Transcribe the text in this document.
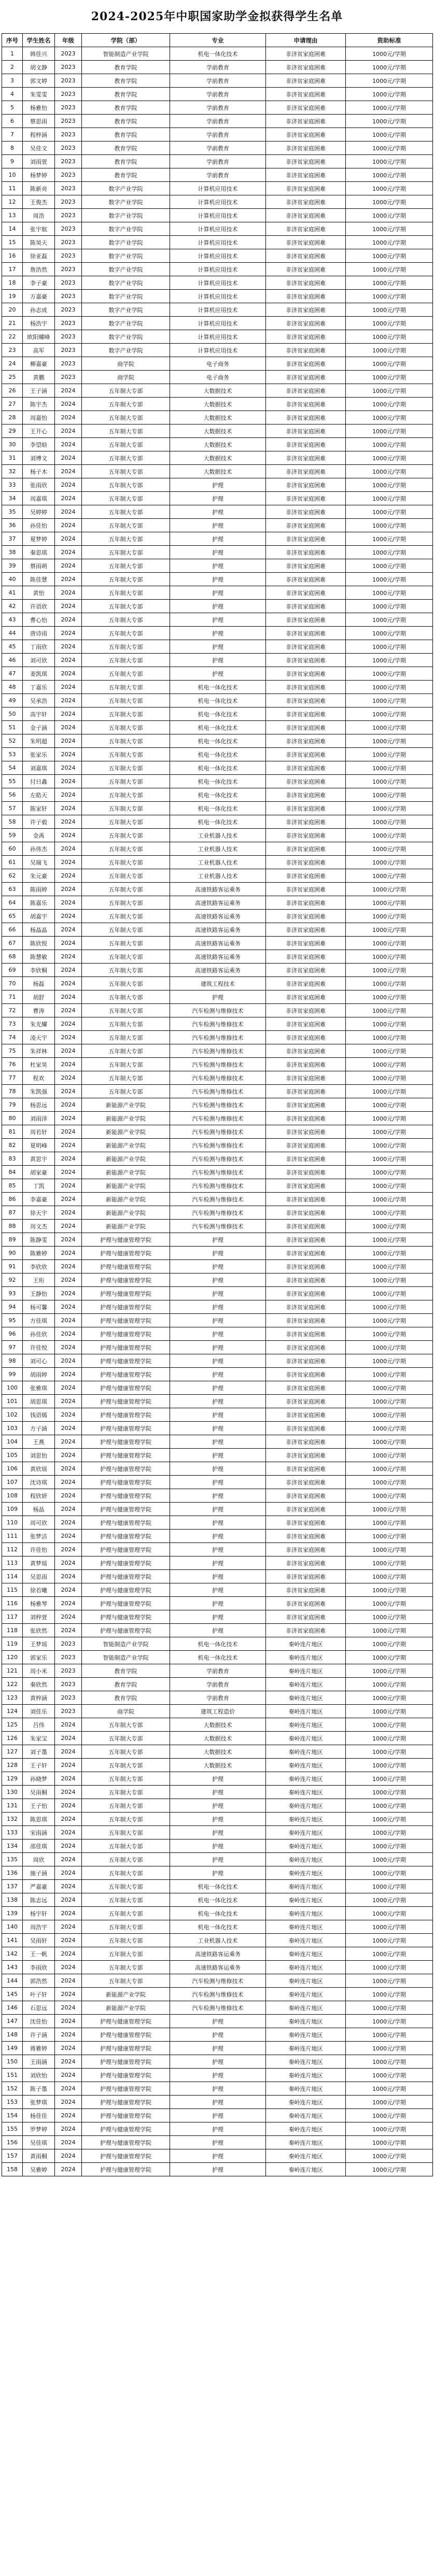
2024-2025年中职国家助学金拟获得学生名单
序号	学生姓名	年级	学院（部）	专业	申请理由	资助标准
1	韩佳兴	2023	智能制造产业学院	机电一体化技术	非济贫家庭困难	1000元/学期
2	胡文静	2023	教育学院	学前教育	非济贫家庭困难	1000元/学期
3	郭文婷	2023	教育学院	学前教育	非济贫家庭困难	1000元/学期
4	朱雯雯	2023	教育学院	学前教育	非济贫家庭困难	1000元/学期
5	杨雅怡	2023	教育学院	学前教育	非济贫家庭困难	1000元/学期
6	蔡思雨	2023	教育学院	学前教育	非济贫家庭困难	1000元/学期
7	程梓涵	2023	教育学院	学前教育	非济贫家庭困难	1000元/学期
8	吴佳文	2023	教育学院	学前教育	非济贫家庭困难	1000元/学期
9	刘雨萱	2023	教育学院	学前教育	非济贫家庭困难	1000元/学期
10	杨梦婷	2023	教育学院	学前教育	非济贫家庭困难	1000元/学期
11	陈新亮	2023	数字产业学院	计算机应用技术	非济贫家庭困难	1000元/学期
12	王俊杰	2023	数字产业学院	计算机应用技术	非济贫家庭困难	1000元/学期
13	周浩	2023	数字产业学院	计算机应用技术	非济贫家庭困难	1000元/学期
14	张宇航	2023	数字产业学院	计算机应用技术	非济贫家庭困难	1000元/学期
15	陈昊天	2023	数字产业学院	计算机应用技术	非济贫家庭困难	1000元/学期
16	徐亚磊	2023	数字产业学院	计算机应用技术	非济贫家庭困难	1000元/学期
17	詹浩然	2023	数字产业学院	计算机应用技术	非济贫家庭困难	1000元/学期
18	李子豪	2023	数字产业学院	计算机应用技术	非济贫家庭困难	1000元/学期
19	万嘉豪	2023	数字产业学院	计算机应用技术	非济贫家庭困难	1000元/学期
20	孙志成	2023	数字产业学院	计算机应用技术	非济贫家庭困难	1000元/学期
21	杨浩宇	2023	数字产业学院	计算机应用技术	非济贫家庭困难	1000元/学期
22	欧阳耀峰	2023	数字产业学院	计算机应用技术	非济贫家庭困难	1000元/学期
23	高军	2023	数字产业学院	计算机应用技术	非济贫家庭困难	1000元/学期
24	柳嘉豪	2023	商学院	电子商务	非济贫家庭困难	1000元/学期
25	黄鹏	2023	商学院	电子商务	非济贫家庭困难	1000元/学期
26	王子涵	2024	五年制大专部	大数据技术	非济贫家庭困难	1000元/学期
27	陈宇杰	2024	五年制大专部	大数据技术	非济贫家庭困难	1000元/学期
28	周嘉怡	2024	五年制大专部	大数据技术	非济贫家庭困难	1000元/学期
29	王开心	2024	五年制大专部	大数据技术	非济贫家庭困难	1000元/学期
30	李望晗	2024	五年制大专部	大数据技术	非济贫家庭困难	1000元/学期
31	刘博文	2024	五年制大专部	大数据技术	非济贫家庭困难	1000元/学期
32	杨子木	2024	五年制大专部	大数据技术	非济贫家庭困难	1000元/学期
33	张雨欣	2024	五年制大专部	护理	非济贫家庭困难	1000元/学期
34	周嘉琪	2024	五年制大专部	护理	非济贫家庭困难	1000元/学期
35	吴婷婷	2024	五年制大专部	护理	非济贫家庭困难	1000元/学期
36	孙佳怡	2024	五年制大专部	护理	非济贫家庭困难	1000元/学期
37	夏梦婷	2024	五年制大专部	护理	非济贫家庭困难	1000元/学期
38	秦思琪	2024	五年制大专部	护理	非济贫家庭困难	1000元/学期
39	蔡雨萌	2024	五年制大专部	护理	非济贫家庭困难	1000元/学期
40	陈佳慧	2024	五年制大专部	护理	非济贫家庭困难	1000元/学期
41	黄怡	2024	五年制大专部	护理	非济贫家庭困难	1000元/学期
42	许语欣	2024	五年制大专部	护理	非济贫家庭困难	1000元/学期
43	曹心怡	2024	五年制大专部	护理	非济贫家庭困难	1000元/学期
44	唐诗雨	2024	五年制大专部	护理	非济贫家庭困难	1000元/学期
45	丁雨欣	2024	五年制大专部	护理	非济贫家庭困难	1000元/学期
46	刘可欣	2024	五年制大专部	护理	非济贫家庭困难	1000元/学期
47	姜凯琪	2024	五年制大专部	护理	非济贫家庭困难	1000元/学期
48	丁嘉乐	2024	五年制大专部	机电一体化技术	非济贫家庭困难	1000元/学期
49	吴承浩	2024	五年制大专部	机电一体化技术	非济贫家庭困难	1000元/学期
50	高宇轩	2024	五年制大专部	机电一体化技术	非济贫家庭困难	1000元/学期
51	金子涵	2024	五年制大专部	机电一体化技术	非济贫家庭困难	1000元/学期
52	朱明超	2024	五年制大专部	机电一体化技术	非济贫家庭困难	1000元/学期
53	张家乐	2024	五年制大专部	机电一体化技术	非济贫家庭困难	1000元/学期
54	刘嘉琪	2024	五年制大专部	机电一体化技术	非济贫家庭困难	1000元/学期
55	付日鑫	2024	五年制大专部	机电一体化技术	非济贫家庭困难	1000元/学期
56	左皓天	2024	五年制大专部	机电一体化技术	非济贫家庭困难	1000元/学期
57	陈家轩	2024	五年制大专部	机电一体化技术	非济贫家庭困难	1000元/学期
58	许子毅	2024	五年制大专部	机电一体化技术	非济贫家庭困难	1000元/学期
59	金禹	2024	五年制大专部	工业机器人技术	非济贫家庭困难	1000元/学期
60	孙伟杰	2024	五年制大专部	工业机器人技术	非济贫家庭困难	1000元/学期
61	吴瑞飞	2024	五年制大专部	工业机器人技术	非济贫家庭困难	1000元/学期
62	朱元豪	2024	五年制大专部	工业机器人技术	非济贫家庭困难	1000元/学期
63	陈雨婷	2024	五年制大专部	高速铁路客运乘务	非济贫家庭困难	1000元/学期
64	陈嘉乐	2024	五年制大专部	高速铁路客运乘务	非济贫家庭困难	1000元/学期
65	胡嘉宇	2024	五年制大专部	高速铁路客运乘务	非济贫家庭困难	1000元/学期
66	杨晶晶	2024	五年制大专部	高速铁路客运乘务	非济贫家庭困难	1000元/学期
67	陈欣悦	2024	五年制大专部	高速铁路客运乘务	非济贫家庭困难	1000元/学期
68	陈慧敏	2024	五年制大专部	高速铁路客运乘务	非济贫家庭困难	1000元/学期
69	李欣桐	2024	五年制大专部	高速铁路客运乘务	非济贫家庭困难	1000元/学期
70	杨磊	2024	五年制大专部	建筑工程技术	非济贫家庭困难	1000元/学期
71	胡舒	2024	五年制大专部	护理	非济贫家庭困难	1000元/学期
72	曹涛	2024	五年制大专部	汽车检测与维修技术	非济贫家庭困难	1000元/学期
73	朱光耀	2024	五年制大专部	汽车检测与维修技术	非济贫家庭困难	1000元/学期
74	凌天宇	2024	五年制大专部	汽车检测与维修技术	非济贫家庭困难	1000元/学期
75	朱祥林	2024	五年制大专部	汽车检测与维修技术	非济贫家庭困难	1000元/学期
76	杜家昊	2024	五年制大专部	汽车检测与维修技术	非济贫家庭困难	1000元/学期
77	程欢	2024	五年制大专部	汽车检测与维修技术	非济贫家庭困难	1000元/学期
78	朱凯强	2024	五年制大专部	汽车检测与维修技术	非济贫家庭困难	1000元/学期
79	杨思远	2024	新能源产业学院	汽车检测与维修技术	非济贫家庭困难	1000元/学期
80	刘雨泽	2024	新能源产业学院	汽车检测与维修技术	非济贫家庭困难	1000元/学期
81	周若轩	2024	新能源产业学院	汽车检测与维修技术	非济贫家庭困难	1000元/学期
82	夏明峰	2024	新能源产业学院	汽车检测与维修技术	非济贫家庭困难	1000元/学期
83	黄思宇	2024	新能源产业学院	汽车检测与维修技术	非济贫家庭困难	1000元/学期
84	胡家豪	2024	新能源产业学院	汽车检测与维修技术	非济贫家庭困难	1000元/学期
85	丁凯	2024	新能源产业学院	汽车检测与维修技术	非济贫家庭困难	1000元/学期
86	李嘉豪	2024	新能源产业学院	汽车检测与维修技术	非济贫家庭困难	1000元/学期
87	徐天宇	2024	新能源产业学院	汽车检测与维修技术	非济贫家庭困难	1000元/学期
88	周文杰	2024	新能源产业学院	汽车检测与维修技术	非济贫家庭困难	1000元/学期
89	陈静雯	2024	护理与健康管理学院	护理	非济贫家庭困难	1000元/学期
90	陈雅婷	2024	护理与健康管理学院	护理	非济贫家庭困难	1000元/学期
91	李欣欣	2024	护理与健康管理学院	护理	非济贫家庭困难	1000元/学期
92	王珩	2024	护理与健康管理学院	护理	非济贫家庭困难	1000元/学期
93	王静怡	2024	护理与健康管理学院	护理	非济贫家庭困难	1000元/学期
94	杨可馨	2024	护理与健康管理学院	护理	非济贫家庭困难	1000元/学期
95	方佳琪	2024	护理与健康管理学院	护理	非济贫家庭困难	1000元/学期
96	孙佳欣	2024	护理与健康管理学院	护理	非济贫家庭困难	1000元/学期
97	许佳悦	2024	护理与健康管理学院	护理	非济贫家庭困难	1000元/学期
98	刘可心	2024	护理与健康管理学院	护理	非济贫家庭困难	1000元/学期
99	胡雨婷	2024	护理与健康管理学院	护理	非济贫家庭困难	1000元/学期
100	张雅琪	2024	护理与健康管理学院	护理	非济贫家庭困难	1000元/学期
101	胡思琪	2024	护理与健康管理学院	护理	非济贫家庭困难	1000元/学期
102	钱语嫣	2024	护理与健康管理学院	护理	非济贫家庭困难	1000元/学期
103	方子涵	2024	护理与健康管理学院	护理	非济贫家庭困难	1000元/学期
104	王燕	2024	护理与健康管理学院	护理	非济贫家庭困难	1000元/学期
105	刘思怡	2024	护理与健康管理学院	护理	非济贫家庭困难	1000元/学期
106	黄欣瑶	2024	护理与健康管理学院	护理	非济贫家庭困难	1000元/学期
107	沈诗琪	2024	护理与健康管理学院	护理	非济贫家庭困难	1000元/学期
108	程欣妍	2024	护理与健康管理学院	护理	非济贫家庭困难	1000元/学期
109	杨晶	2024	护理与健康管理学院	护理	非济贫家庭困难	1000元/学期
110	周可欣	2024	护理与健康管理学院	护理	非济贫家庭困难	1000元/学期
111	张梦洁	2024	护理与健康管理学院	护理	非济贫家庭困难	1000元/学期
112	许佳怡	2024	护理与健康管理学院	护理	非济贫家庭困难	1000元/学期
113	黄梦瑶	2024	护理与健康管理学院	护理	非济贫家庭困难	1000元/学期
114	吴思雨	2024	护理与健康管理学院	护理	非济贫家庭困难	1000元/学期
115	徐若曦	2024	护理与健康管理学院	护理	非济贫家庭困难	1000元/学期
116	杨雅琴	2024	护理与健康管理学院	护理	非济贫家庭困难	1000元/学期
117	刘梓萱	2024	护理与健康管理学院	护理	非济贫家庭困难	1000元/学期
118	张欣然	2024	护理与健康管理学院	护理	非济贫家庭困难	1000元/学期
119	王梦瑶	2023	智能制造产业学院	机电一体化技术	秦岭连片地区	1000元/学期
120	郭家乐	2023	智能制造产业学院	机电一体化技术	秦岭连片地区	1000元/学期
121	周小米	2023	教育学院	学前教育	秦岭连片地区	1000元/学期
122	秦欣然	2023	教育学院	学前教育	秦岭连片地区	1000元/学期
123	黄梓涵	2023	教育学院	学前教育	秦岭连片地区	1000元/学期
124	刘佳乐	2023	商学院	建筑工程造价	秦岭连片地区	1000元/学期
125	吕伟	2024	五年制大专部	大数据技术	秦岭连片地区	1000元/学期
126	朱家宝	2024	五年制大专部	大数据技术	秦岭连片地区	1000元/学期
127	刘子墨	2024	五年制大专部	大数据技术	秦岭连片地区	1000元/学期
128	王子轩	2024	五年制大专部	大数据技术	秦岭连片地区	1000元/学期
129	孙晓梦	2024	五年制大专部	护理	秦岭连片地区	1000元/学期
130	吴雨桐	2024	五年制大专部	护理	秦岭连片地区	1000元/学期
131	王子怡	2024	五年制大专部	护理	秦岭连片地区	1000元/学期
132	陈思琪	2024	五年制大专部	护理	秦岭连片地区	1000元/学期
133	宋雨涵	2024	五年制大专部	护理	秦岭连片地区	1000元/学期
134	邵佳琪	2024	五年制大专部	护理	秦岭连片地区	1000元/学期
135	周欣	2024	五年制大专部	护理	秦岭连片地区	1000元/学期
136	施子涵	2024	五年制大专部	护理	秦岭连片地区	1000元/学期
137	严嘉豪	2024	五年制大专部	机电一体化技术	秦岭连片地区	1000元/学期
138	陈志远	2024	五年制大专部	机电一体化技术	秦岭连片地区	1000元/学期
139	杨宇轩	2024	五年制大专部	机电一体化技术	秦岭连片地区	1000元/学期
140	周浩宇	2024	五年制大专部	机电一体化技术	秦岭连片地区	1000元/学期
141	吴雨轩	2024	五年制大专部	工业机器人技术	秦岭连片地区	1000元/学期
142	王一帆	2024	五年制大专部	高速铁路客运乘务	秦岭连片地区	1000元/学期
143	李雨欣	2024	五年制大专部	高速铁路客运乘务	秦岭连片地区	1000元/学期
144	郭浩然	2024	五年制大专部	汽车检测与维修技术	秦岭连片地区	1000元/学期
145	叶子轩	2024	新能源产业学院	汽车检测与维修技术	秦岭连片地区	1000元/学期
146	石思远	2024	新能源产业学院	汽车检测与维修技术	秦岭连片地区	1000元/学期
147	沈佳怡	2024	护理与健康管理学院	护理	秦岭连片地区	1000元/学期
148	许子涵	2024	护理与健康管理学院	护理	秦岭连片地区	1000元/学期
149	蒋雅婷	2024	护理与健康管理学院	护理	秦岭连片地区	1000元/学期
150	王雨涵	2024	护理与健康管理学院	护理	秦岭连片地区	1000元/学期
151	刘欣怡	2024	护理与健康管理学院	护理	秦岭连片地区	1000元/学期
152	陈子墨	2024	护理与健康管理学院	护理	秦岭连片地区	1000元/学期
153	张梦琪	2024	护理与健康管理学院	护理	秦岭连片地区	1000元/学期
154	杨佳佳	2024	护理与健康管理学院	护理	秦岭连片地区	1000元/学期
155	罗梦婷	2024	护理与健康管理学院	护理	秦岭连片地区	1000元/学期
156	吴佳琪	2024	护理与健康管理学院	护理	秦岭连片地区	1000元/学期
157	黄雨桐	2024	护理与健康管理学院	护理	秦岭连片地区	1000元/学期
158	吴雅婷	2024	护理与健康管理学院	护理	秦岭连片地区	1000元/学期
